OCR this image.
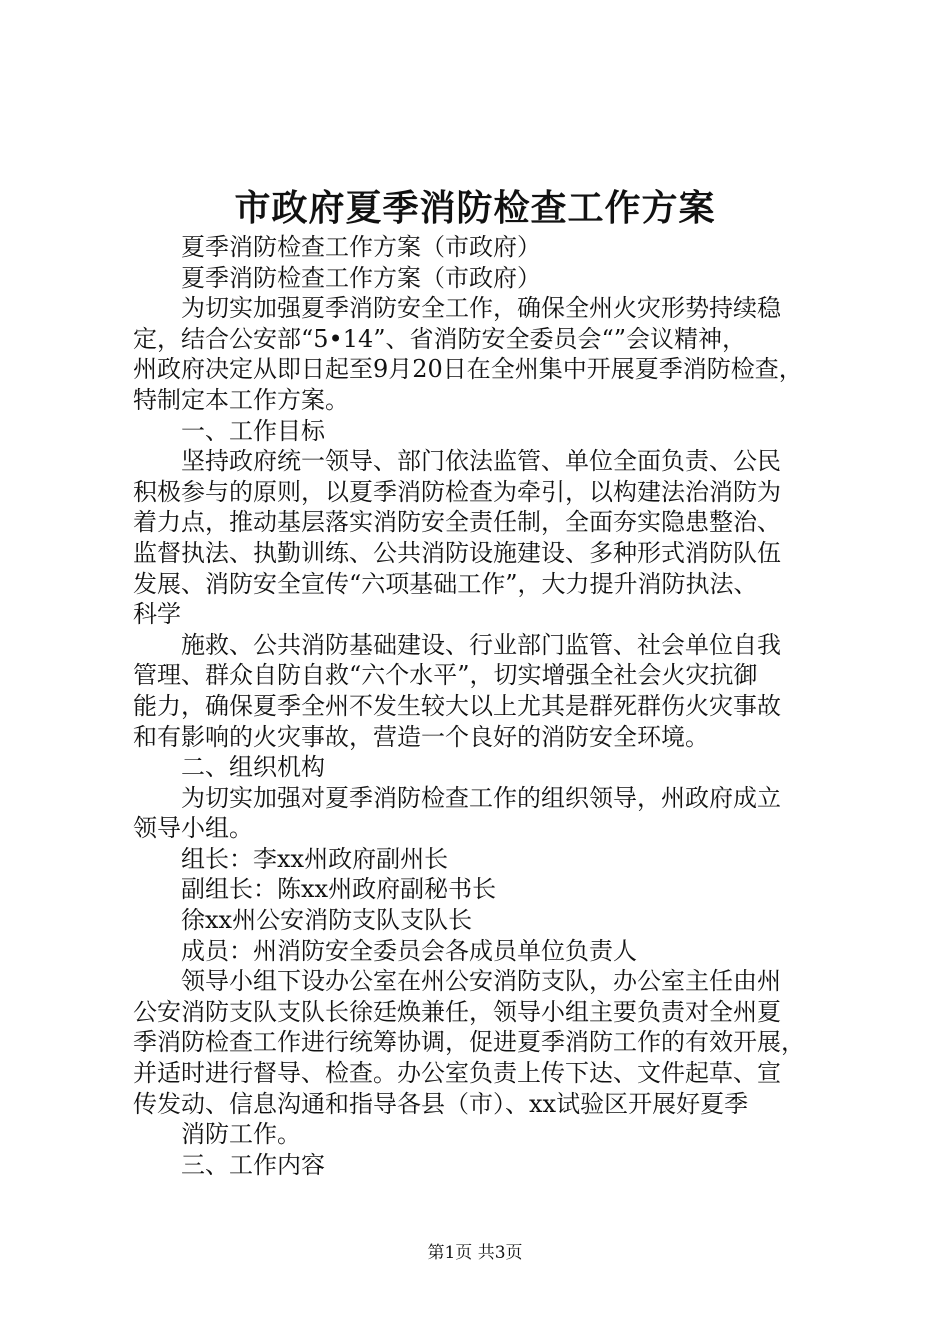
市政府夏季消防检查工作方案
夏季消防检查工作方案（市政府）
夏季消防检查工作方案（市政府）
为切实加强夏季消防安全工作，确保全州火灾形势持续稳
定，结合公安部“5•14”、省消防安全委员会“”会议精神，
州政府决定从即日起至9月20日在全州集中开展夏季消防检查，
特制定本工作方案。
一、工作目标
坚持政府统一领导、部门依法监管、单位全面负责、公民
积极参与的原则，以夏季消防检查为牵引，以构建法治消防为
着力点，推动基层落实消防安全责任制，全面夯实隐患整治、
监督执法、执勤训练、公共消防设施建设、多种形式消防队伍
发展、消防安全宣传“六项基础工作”，大力提升消防执法、
科学
施救、公共消防基础建设、行业部门监管、社会单位自我
管理、群众自防自救“六个水平”，切实增强全社会火灾抗御
能力，确保夏季全州不发生较大以上尤其是群死群伤火灾事故
和有影响的火灾事故，营造一个良好的消防安全环境。
二、组织机构
为切实加强对夏季消防检查工作的组织领导，州政府成立
领导小组。
组长：李xx州政府副州长
副组长：陈xx州政府副秘书长
徐xx州公安消防支队支队长
成员：州消防安全委员会各成员单位负责人
领导小组下设办公室在州公安消防支队，办公室主任由州
公安消防支队支队长徐廷焕兼任，领导小组主要负责对全州夏
季消防检查工作进行统筹协调，促进夏季消防工作的有效开展，
并适时进行督导、检查。办公室负责上传下达、文件起草、宣
传发动、信息沟通和指导各县（市）、xx试验区开展好夏季
消防工作。
三、工作内容
第1页 共3页
